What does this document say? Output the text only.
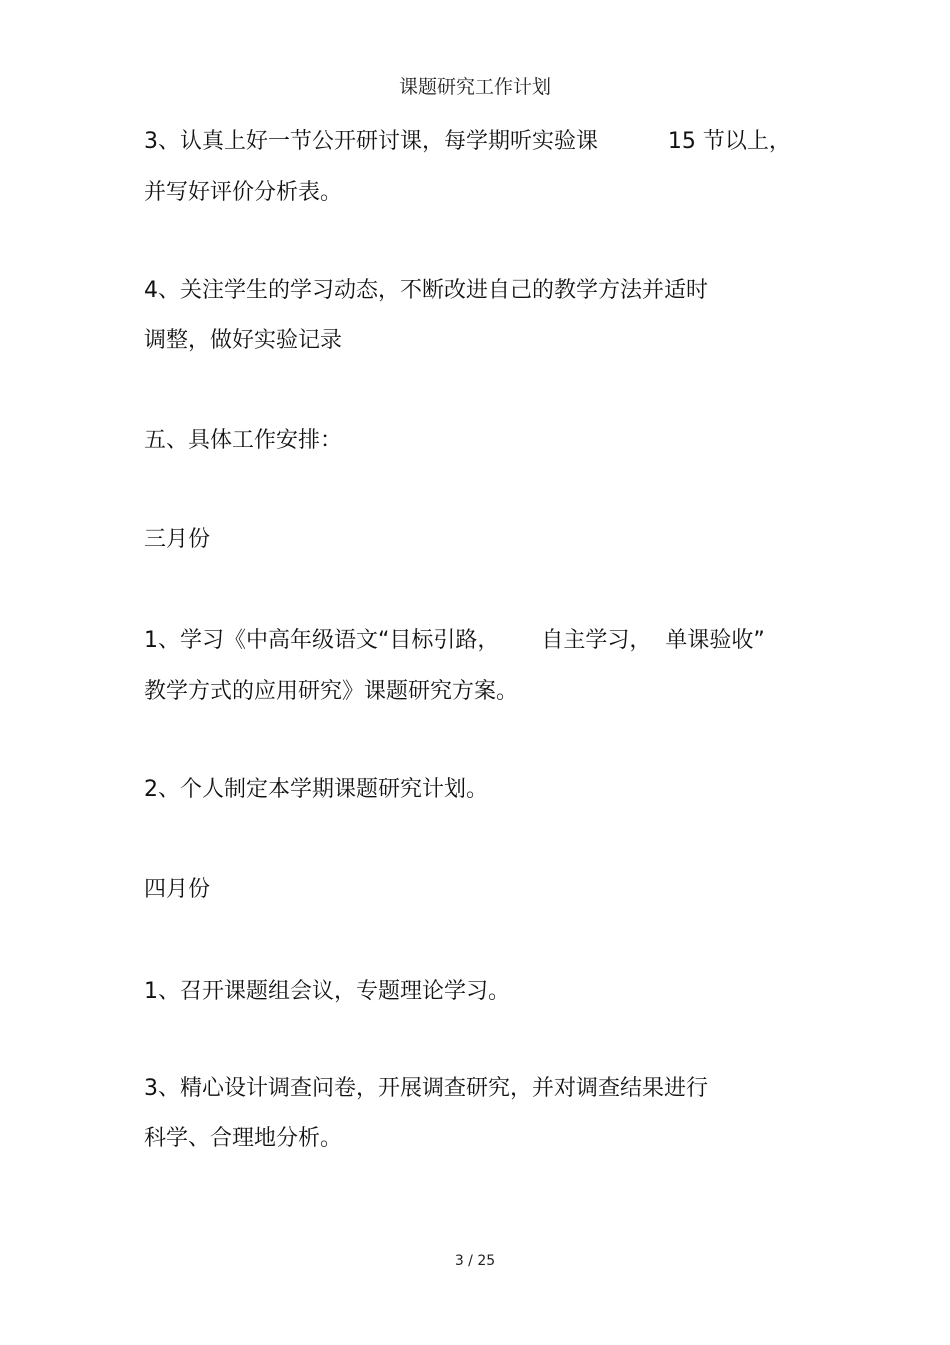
课题研究工作计划
3、认真上好一节公开研讨课，每学期听实验课          15 节以上，
并写好评价分析表。
4、关注学生的学习动态，不断改进自己的教学方法并适时
调整，做好实验记录
五、具体工作安排：
三月份
1、学习《中高年级语文“目标引路，      自主学习，  单课验收”
教学方式的应用研究》课题研究方案。
2、个人制定本学期课题研究计划。
四月份
1、召开课题组会议，专题理论学习。
3、精心设计调查问卷，开展调查研究，并对调查结果进行
科学、合理地分析。
3 / 25
